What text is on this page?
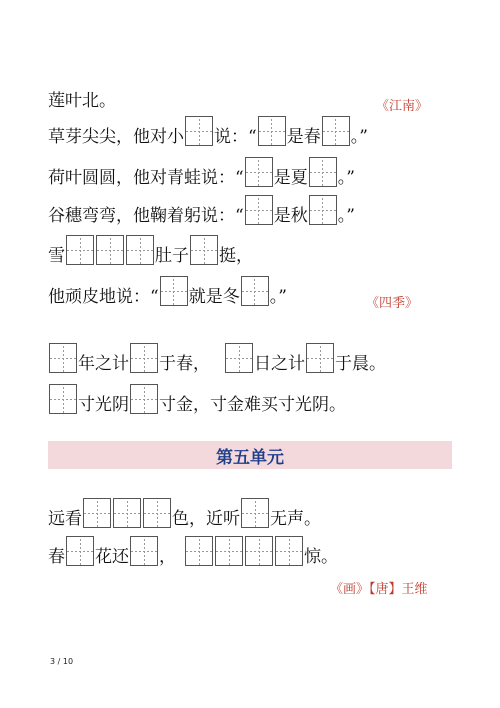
莲叶北。	《江南》
草芽尖尖，他对小 说：“ 是春 。”
荷叶圆圆，他对青蛙说：“ 是夏 。”
谷穗弯弯，他鞠着躬说：“ 是秋 。”
雪	肚子 挺，
他顽皮地说：“ 就是冬 。”	《四季》
年之计 于春，	日之计 于晨。
寸光阴 寸金，寸金难买寸光阴。
第五单元
远看	色，近听 无声。
春 花还 ，	惊。
《画》【唐】王维
3 / 10
